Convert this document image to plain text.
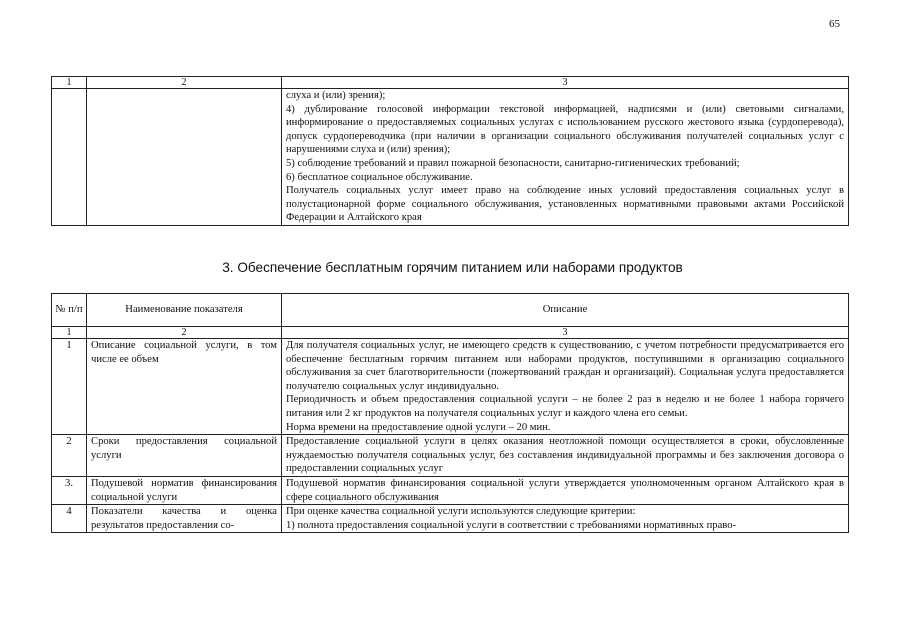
65
1	2	3

		слуха и (или) зрения);
4) дублирование голосовой информации текстовой информацией, надписями и (или) световыми сигналами, информирование о предоставляемых социальных услугах с использованием русского жестового языка (сурдоперевода), допуск сурдопереводчика (при наличии в организации социального обслуживания получателей социальных услуг с нарушениями слуха и (или) зрения);
5) соблюдение требований и правил пожарной безопасности, санитарно-гигиенических требований;
6) бесплатное социальное обслуживание.
Получатель социальных услуг имеет право на соблюдение иных условий предоставления социальных услуг в полустационарной форме социального обслуживания, установленных нормативными правовыми актами Российской Федерации и Алтайского края
3. Обеспечение бесплатным горячим питанием или наборами продуктов
№ п/п	Наименование показателя	Описание
1	2	3
1	Описание социальной услуги, в том числе ее объем	Для получателя социальных услуг, не имеющего средств к существованию, с учетом потребности предусматривается его обеспечение бесплатным горячим питанием или наборами продуктов, поступившими в организацию социального обслуживания за счет благотворительности (пожертвований граждан и организаций). Социальная услуга предоставляется получателю социальных услуг индивидуально.
Периодичность и объем предоставления социальной услуги – не более 2 раз в неделю и не более 1 набора горячего питания или 2 кг продуктов на получателя социальных услуг и каждого члена его семьи.
Норма времени на предоставление одной услуги – 20 мин.

2	Сроки предоставления социальной услуги	Предоставление социальной услуги в целях оказания неотложной помощи осуществляется в сроки, обусловленные нуждаемостью получателя социальных услуг, без составления индивидуальной программы и без заключения договора о предоставлении социальных услуг

3.	Подушевой норматив финансирования социальной услуги	Подушевой норматив финансирования социальной услуги утверждается уполномоченным органом Алтайского края в сфере социального обслуживания

4	Показатели качества и оценка результатов предоставления со-	При оценке качества социальной услуги используются следующие критерии:
1) полнота предоставления социальной услуги в соответствии с требованиями нормативных право-
